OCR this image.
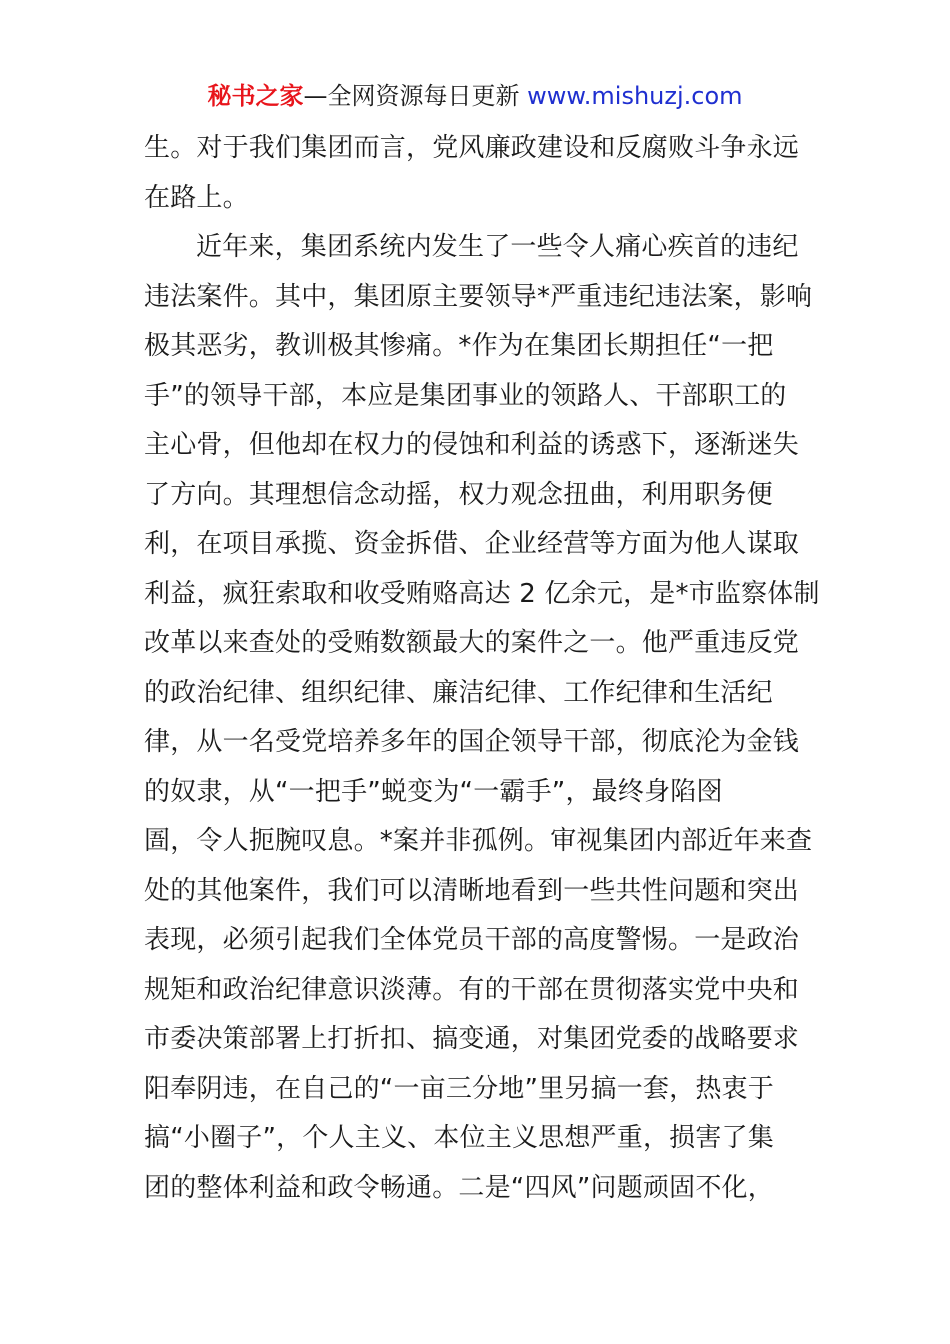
秘书之家—全网资源每日更新 www.mishuzj.com
生。对于我们集团而言，党风廉政建设和反腐败斗争永远
在路上。
近年来，集团系统内发生了一些令人痛心疾首的违纪
违法案件。其中，集团原主要领导*严重违纪违法案，影响
极其恶劣，教训极其惨痛。*作为在集团长期担任“一把
手”的领导干部，本应是集团事业的领路人、干部职工的
主心骨，但他却在权力的侵蚀和利益的诱惑下，逐渐迷失
了方向。其理想信念动摇，权力观念扭曲，利用职务便
利，在项目承揽、资金拆借、企业经营等方面为他人谋取
利益，疯狂索取和收受贿赂高达 2 亿余元，是*市监察体制
改革以来查处的受贿数额最大的案件之一。他严重违反党
的政治纪律、组织纪律、廉洁纪律、工作纪律和生活纪
律，从一名受党培养多年的国企领导干部，彻底沦为金钱
的奴隶，从“一把手”蜕变为“一霸手”，最终身陷囹
圄，令人扼腕叹息。*案并非孤例。审视集团内部近年来查
处的其他案件，我们可以清晰地看到一些共性问题和突出
表现，必须引起我们全体党员干部的高度警惕。一是政治
规矩和政治纪律意识淡薄。有的干部在贯彻落实党中央和
市委决策部署上打折扣、搞变通，对集团党委的战略要求
阳奉阴违，在自己的“一亩三分地”里另搞一套，热衷于
搞“小圈子”，个人主义、本位主义思想严重，损害了集
团的整体利益和政令畅通。二是“四风”问题顽固不化，
